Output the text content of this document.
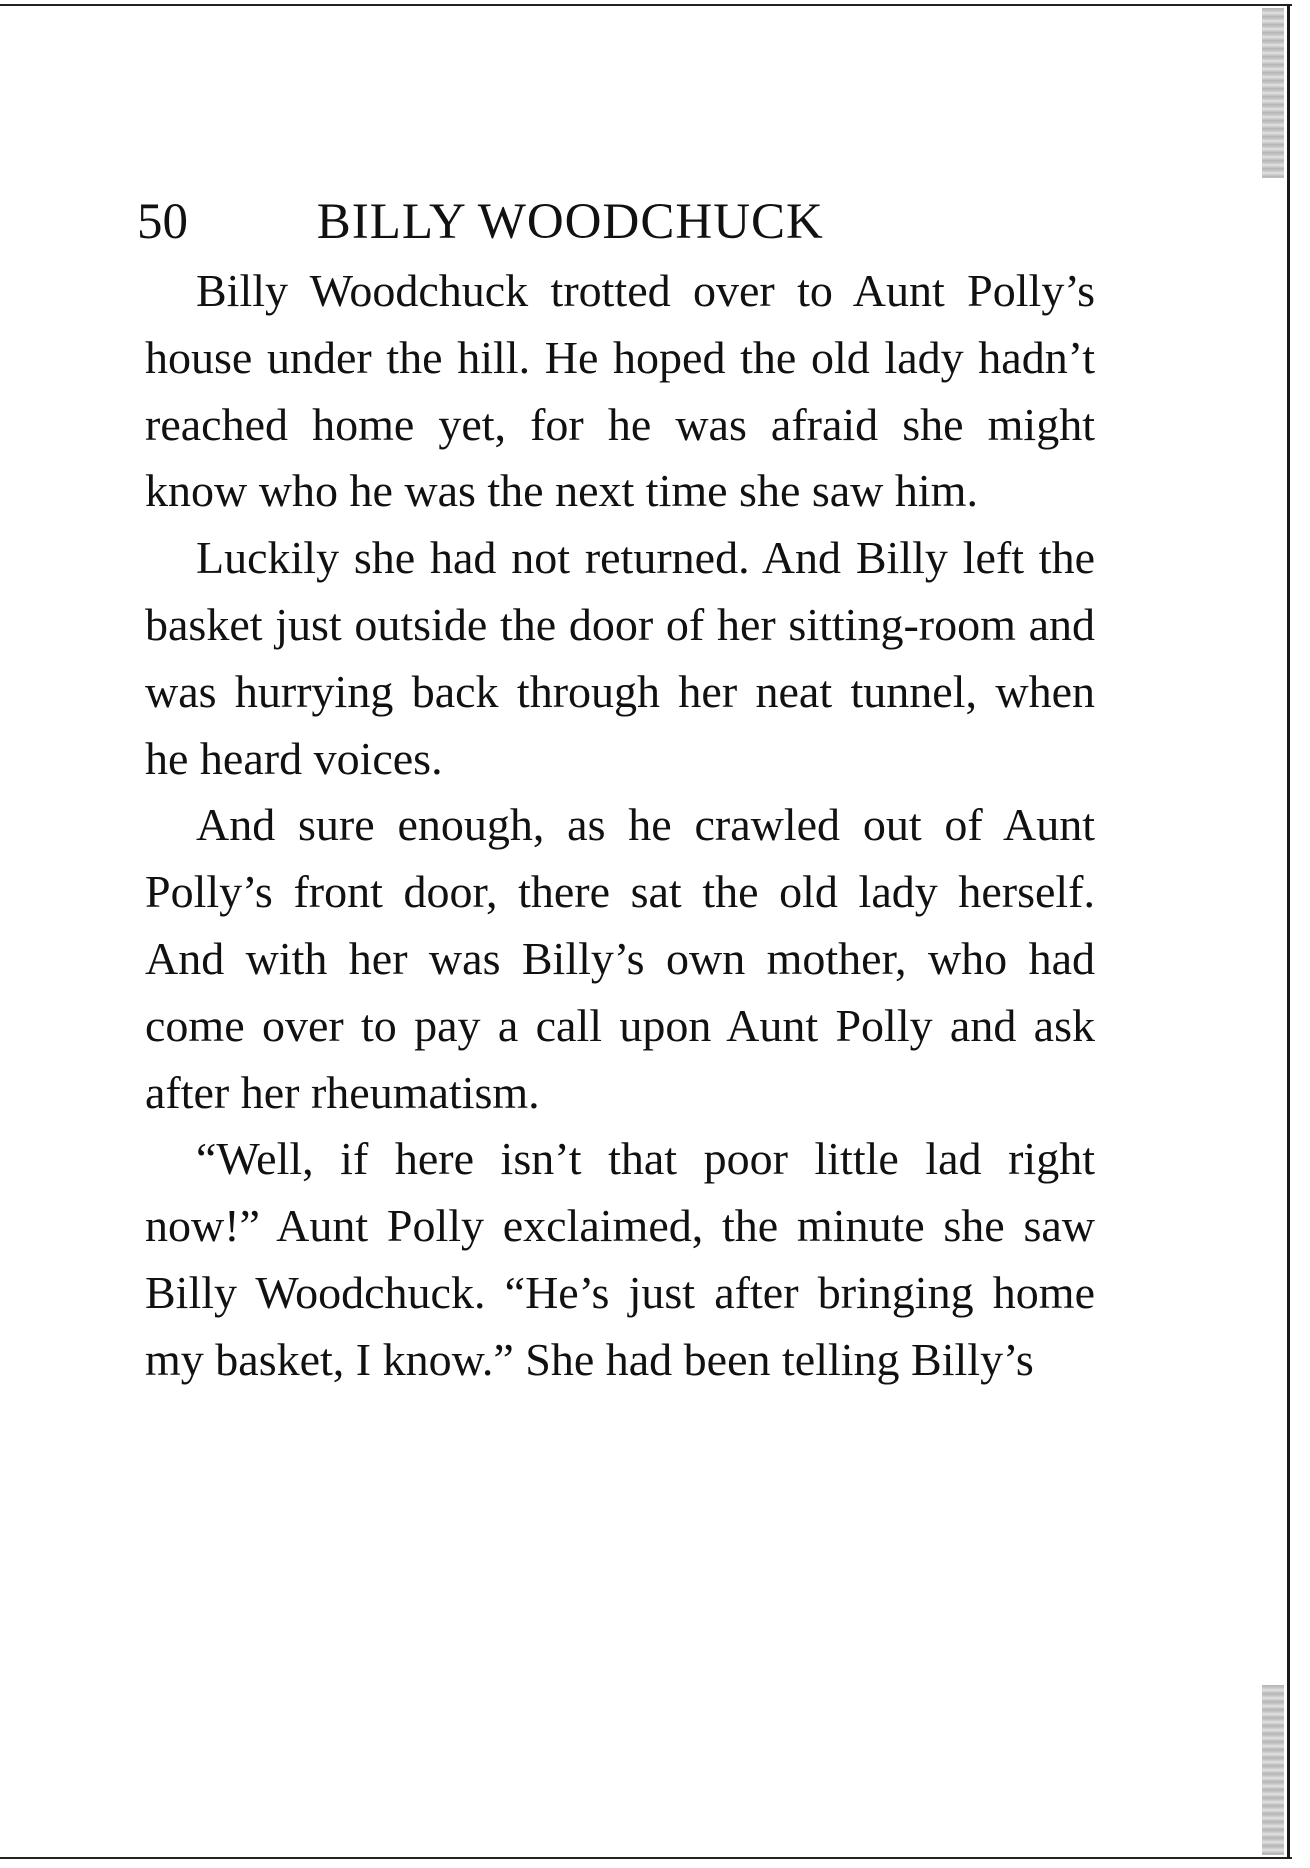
50	BILLY WOODCHUCK

Billy Woodchuck trotted over to Aunt Polly’s house under the hill. He hoped the old lady hadn’t reached home yet, for he was afraid she might know who he was the next time she saw him.

Luckily she had not returned. And Billy left the basket just outside the door of her sitting-room and was hurrying back through her neat tunnel, when he heard voices.

And sure enough, as he crawled out of Aunt Polly’s front door, there sat the old lady herself. And with her was Billy’s own mother, who had come over to pay a call upon Aunt Polly and ask after her rheumatism.

“Well, if here isn’t that poor little lad right now!” Aunt Polly exclaimed, the minute she saw Billy Woodchuck. “He’s just after bringing home my basket, I know.” She had been telling Billy’s
